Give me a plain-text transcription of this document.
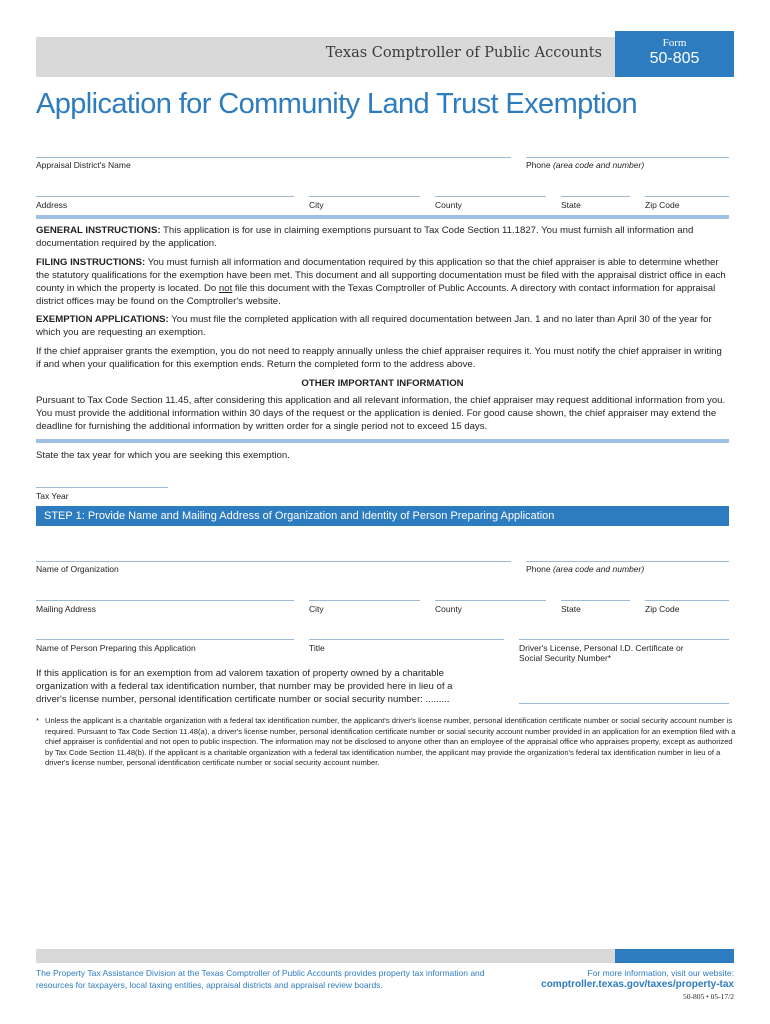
Texas Comptroller of Public Accounts
Form
50-805
Application for Community Land Trust Exemption
Appraisal District's Name	Phone (area code and number)
Address	City	County	State	Zip Code

GENERAL INSTRUCTIONS: This application is for use in claiming exemptions pursuant to Tax Code Section 11.1827. You must furnish all information and documentation required by the application.

FILING INSTRUCTIONS: You must furnish all information and documentation required by this application so that the chief appraiser is able to determine whether the statutory qualifications for the exemption have been met. This document and all supporting documentation must be filed with the appraisal district office in each county in which the property is located. Do not file this document with the Texas Comptroller of Public Accounts. A directory with contact information for appraisal district offices may be found on the Comptroller's website.

EXEMPTION APPLICATIONS: You must file the completed application with all required documentation between Jan. 1 and no later than April 30 of the year for which you are requesting an exemption.

If the chief appraiser grants the exemption, you do not need to reapply annually unless the chief appraiser requires it. You must notify the chief appraiser in writing if and when your qualification for this exemption ends. Return the completed form to the address above.

OTHER IMPORTANT INFORMATION

Pursuant to Tax Code Section 11.45, after considering this application and all relevant information, the chief appraiser may request additional information from you. You must provide the additional information within 30 days of the request or the application is denied. For good cause shown, the chief appraiser may extend the deadline for furnishing the additional information by written order for a single period not to exceed 15 days.

State the tax year for which you are seeking this exemption.
Tax Year
STEP 1: Provide Name and Mailing Address of Organization and Identity of Person Preparing Application
Name of Organization	Phone (area code and number)
Mailing Address	City	County	State	Zip Code
Name of Person Preparing this Application	Title	Driver's License, Personal I.D. Certificate or
Social Security Number*
If this application is for an exemption from ad valorem taxation of property owned by a charitable organization with a federal tax identification number, that number may be provided here in lieu of a driver's license number, personal identification certificate number or social security number: .........
* Unless the applicant is a charitable organization with a federal tax identification number, the applicant's driver's license number, personal identification certificate number or social security account number is required. Pursuant to Tax Code Section 11.48(a), a driver's license number, personal identification certificate number or social security account number provided in an application for an exemption filed with a chief appraiser is confidential and not open to public inspection. The information may not be disclosed to anyone other than an employee of the appraisal office who appraises property, except as authorized by Tax Code Section 11.48(b). If the applicant is a charitable organization with a federal tax identification number, the applicant may provide the organization's federal tax identification number in lieu of a driver's license number, personal identification certificate number or social security account number.
The Property Tax Assistance Division at the Texas Comptroller of Public Accounts provides property tax information and resources for taxpayers, local taxing entities, appraisal districts and appraisal review boards.
For more information, visit our website:
comptroller.texas.gov/taxes/property-tax
50-805 • 05-17/2
